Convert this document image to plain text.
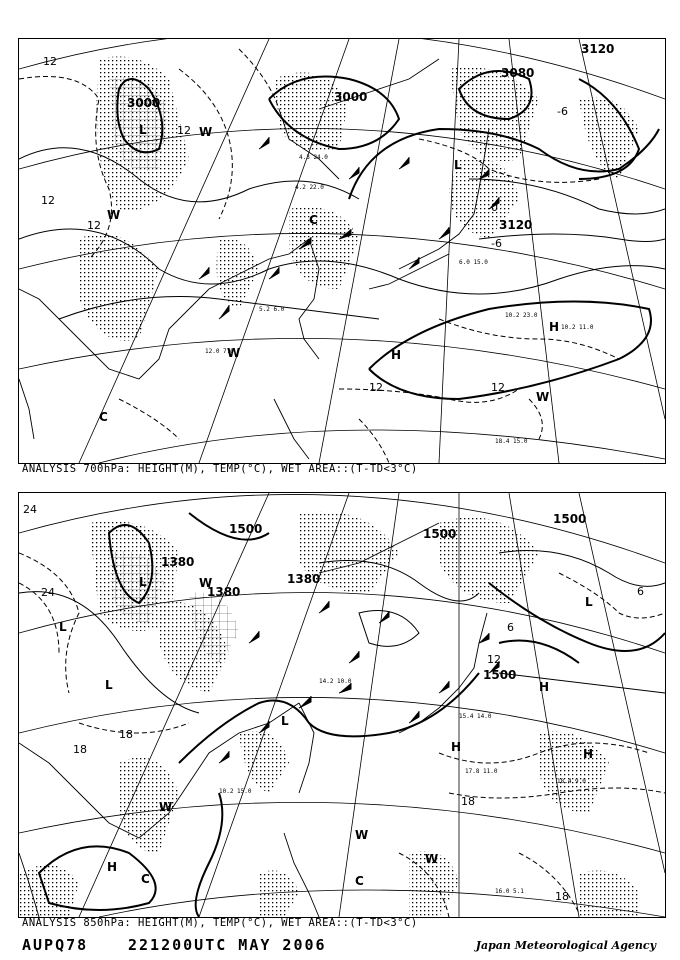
3000	3000
3080
3120
3120
12
12
12
12
12	12
0
-6
-6
H
H
L
L
W
W
W
W
C
C
10.2 23.0
10.2 11.0
18.4 15.0
12.0 7.0
4.2 22.0
6.0 15.0
4.3 24.0
5.2 6.0
ANALYSIS 700hPa: HEIGHT(M), TEMP(°C), WET AREA::(T-TD<3°C)
1500
1500
1380
1380
1380
1500
1500
24
24
18
18
18
18
12
6
6
H
H
H
H
L
L
L
L
L
C	C
W
W
W
W
17.8 11.0
18.4 9.0
16.0 5.1
10.2 15.0
14.2 10.0
15.4 14.0
ANALYSIS 850hPa: HEIGHT(M), TEMP(°C), WET AREA::(T-TD<3°C)
AUPQ78	221200UTC MAY 2006	Japan Meteorological Agency
